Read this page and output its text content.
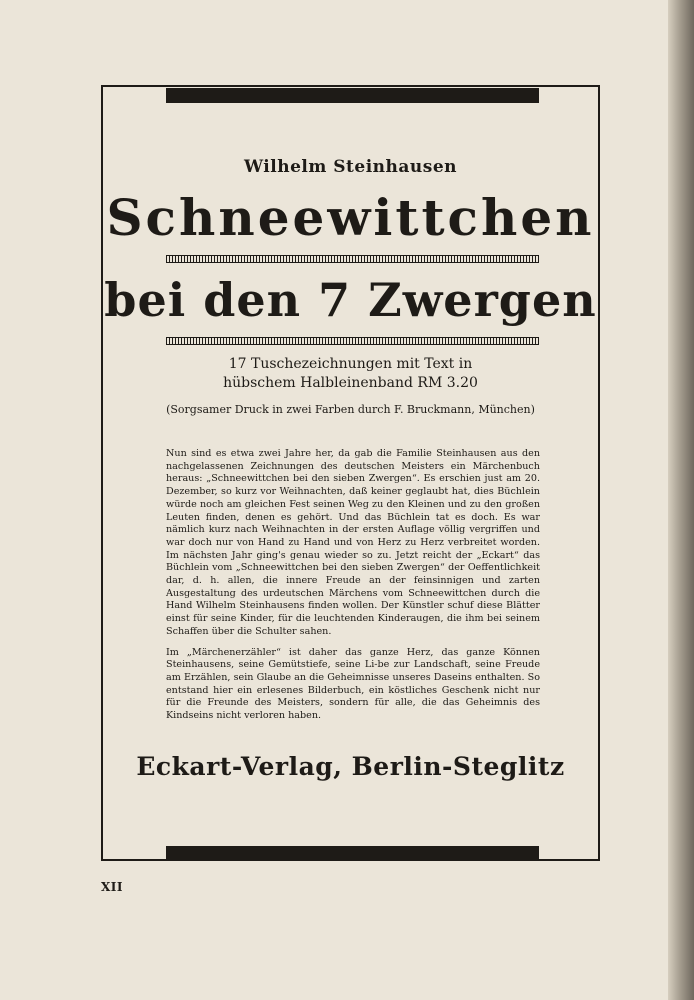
Wilhelm Steinhausen
Schneewittchen
bei den 7 Zwergen
17 Tuschezeichnungen mit Text in
hübschem Halbleinenband RM 3.20
(Sorgsamer Druck in zwei Farben durch F. Bruckmann, München)

Nun sind es etwa zwei Jahre her, da gab die Familie Steinhausen aus den nachgelassenen Zeichnungen des deutschen Meisters ein Märchenbuch heraus: „Schneewittchen bei den sieben Zwergen“. Es erschien just am 20. Dezember, so kurz vor Weihnachten, daß keiner geglaubt hat, dies Büchlein würde noch am gleichen Fest seinen Weg zu den Kleinen und zu den großen Leuten finden, denen es gehört. Und das Büchlein tat es doch. Es war nämlich kurz nach Weihnachten in der ersten Auflage völlig vergriffen und war doch nur von Hand zu Hand und von Herz zu Herz verbreitet worden. Im nächsten Jahr ging's genau wieder so zu. Jetzt reicht der „Eckart“ das Büchlein vom „Schneewittchen bei den sieben Zwergen“ der Oeffentlichkeit dar, d. h. allen, die innere Freude an der feinsinnigen und zarten Ausgestaltung des urdeutschen Märchens vom Schneewittchen durch die Hand Wilhelm Steinhausens finden wollen. Der Künstler schuf diese Blätter einst für seine Kinder, für die leuchtenden Kinderaugen, die ihm bei seinem Schaffen über die Schulter sahen.

Im „Märchenerzähler“ ist daher das ganze Herz, das ganze Können Steinhausens, seine Gemütstiefe, seine Li-be zur Landschaft, seine Freude am Erzählen, sein Glaube an die Geheimnisse unseres Daseins enthalten. So entstand hier ein erlesenes Bilderbuch, ein köstliches Geschenk nicht nur für die Freunde des Meisters, sondern für alle, die das Geheimnis des Kindseins nicht verloren haben.

Eckart-Verlag, Berlin-Steglitz
XII
